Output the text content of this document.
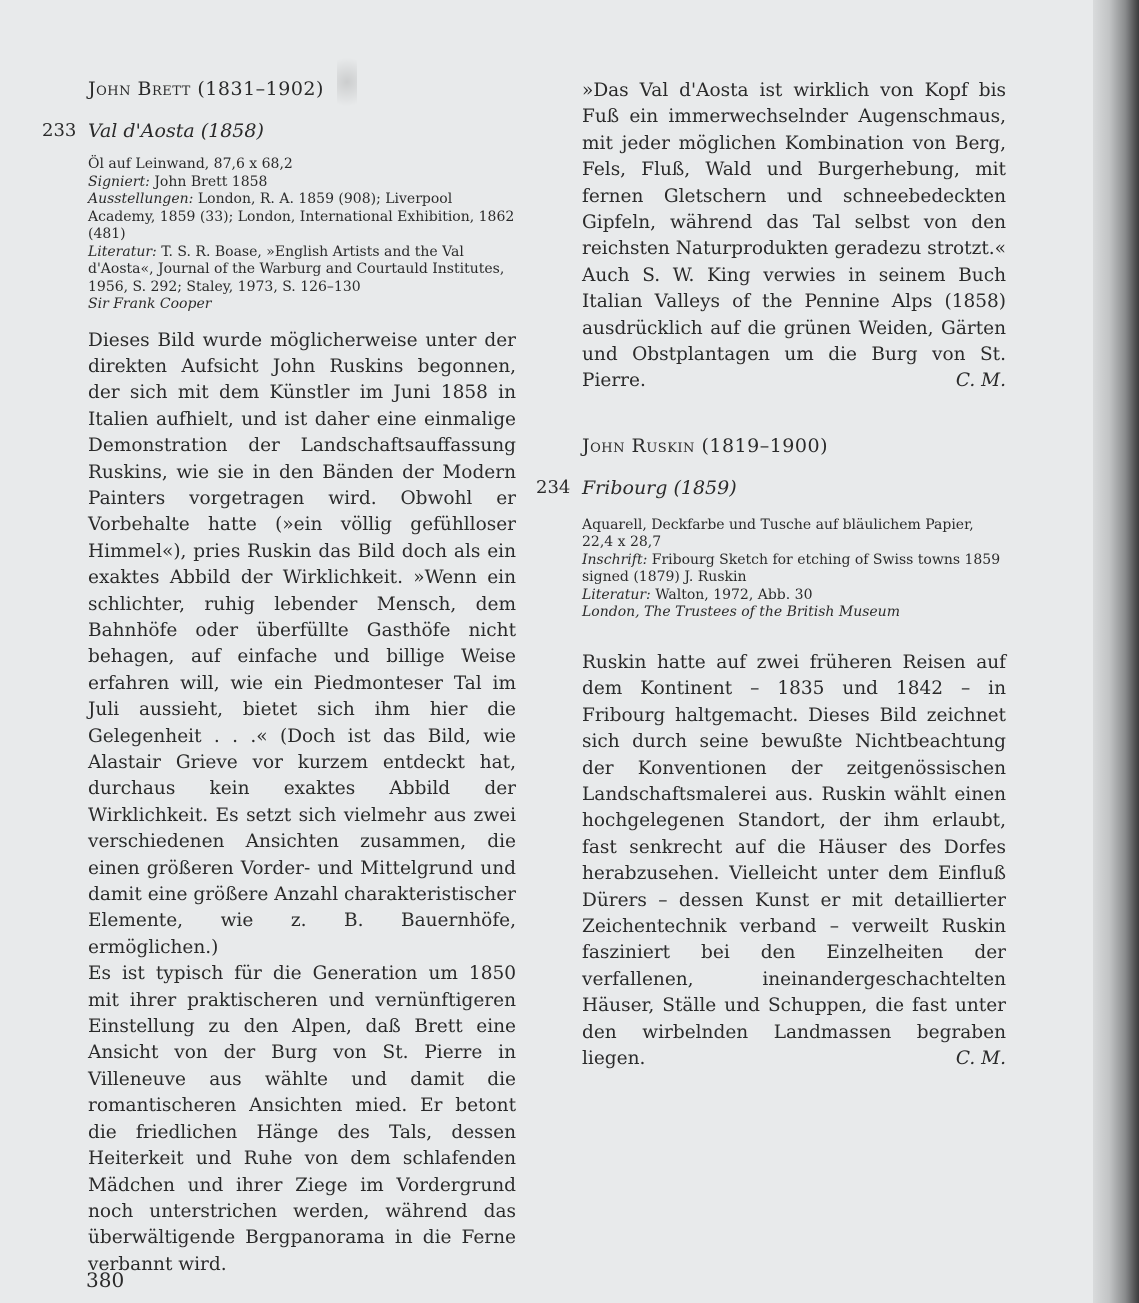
John Brett (1831–1902)

233 Val d'Aosta (1858)
Öl auf Leinwand, 87,6 x 68,2
Signiert: John Brett 1858
Ausstellungen: London, R. A. 1859 (908); Liverpool Academy, 1859 (33); London, International Exhibition, 1862 (481)
Literatur: T. S. R. Boase, »English Artists and the Val d'Aosta«, Journal of the Warburg and Courtauld Institutes, 1956, S. 292; Staley, 1973, S. 126–130
Sir Frank Cooper

Dieses Bild wurde möglicherweise unter der direkten Aufsicht John Ruskins begonnen, der sich mit dem Künstler im Juni 1858 in Italien aufhielt, und ist daher eine einmalige Demonstration der Landschaftsauffassung Ruskins, wie sie in den Bänden der Modern Painters vorgetragen wird. Obwohl er Vorbehalte hatte (»ein völlig gefühlloser Himmel«), pries Ruskin das Bild doch als ein exaktes Abbild der Wirklichkeit. »Wenn ein schlichter, ruhig lebender Mensch, dem Bahnhöfe oder überfüllte Gasthöfe nicht behagen, auf einfache und billige Weise erfahren will, wie ein Piedmonteser Tal im Juli aussieht, bietet sich ihm hier die Gelegenheit . . .« (Doch ist das Bild, wie Alastair Grieve vor kurzem entdeckt hat, durchaus kein exaktes Abbild der Wirklichkeit. Es setzt sich vielmehr aus zwei verschiedenen Ansichten zusammen, die einen größeren Vorder- und Mittelgrund und damit eine größere Anzahl charakteristischer Elemente, wie z. B. Bauernhöfe, ermöglichen.)

Es ist typisch für die Generation um 1850 mit ihrer praktischeren und vernünftigeren Einstellung zu den Alpen, daß Brett eine Ansicht von der Burg von St. Pierre in Villeneuve aus wählte und damit die romantischeren Ansichten mied. Er betont die friedlichen Hänge des Tals, dessen Heiterkeit und Ruhe von dem schlafenden Mädchen und ihrer Ziege im Vordergrund noch unterstrichen werden, während das überwältigende Bergpanorama in die Ferne verbannt wird.

»Das Val d'Aosta ist wirklich von Kopf bis Fuß ein immerwechselnder Augenschmaus, mit jeder möglichen Kombination von Berg, Fels, Fluß, Wald und Burgerhebung, mit fernen Gletschern und schneebedeckten Gipfeln, während das Tal selbst von den reichsten Naturprodukten geradezu strotzt.« Auch S. W. King verwies in seinem Buch Italian Valleys of the Pennine Alps (1858) ausdrücklich auf die grünen Weiden, Gärten und Obstplantagen um die Burg von St. Pierre.	C. M.

John Ruskin (1819–1900)

234 Fribourg (1859)
Aquarell, Deckfarbe und Tusche auf bläulichem Papier, 22,4 x 28,7
Inschrift: Fribourg Sketch for etching of Swiss towns 1859 signed (1879) J. Ruskin
Literatur: Walton, 1972, Abb. 30
London, The Trustees of the British Museum

Ruskin hatte auf zwei früheren Reisen auf dem Kontinent – 1835 und 1842 – in Fribourg haltgemacht. Dieses Bild zeichnet sich durch seine bewußte Nichtbeachtung der Konventionen der zeitgenössischen Landschaftsmalerei aus. Ruskin wählt einen hochgelegenen Standort, der ihm erlaubt, fast senkrecht auf die Häuser des Dorfes herabzusehen. Vielleicht unter dem Einfluß Dürers – dessen Kunst er mit detaillierter Zeichentechnik verband – verweilt Ruskin fasziniert bei den Einzelheiten der verfallenen, ineinandergeschachtelten Häuser, Ställe und Schuppen, die fast unter den wirbelnden Landmassen begraben liegen.	C. M.

380
